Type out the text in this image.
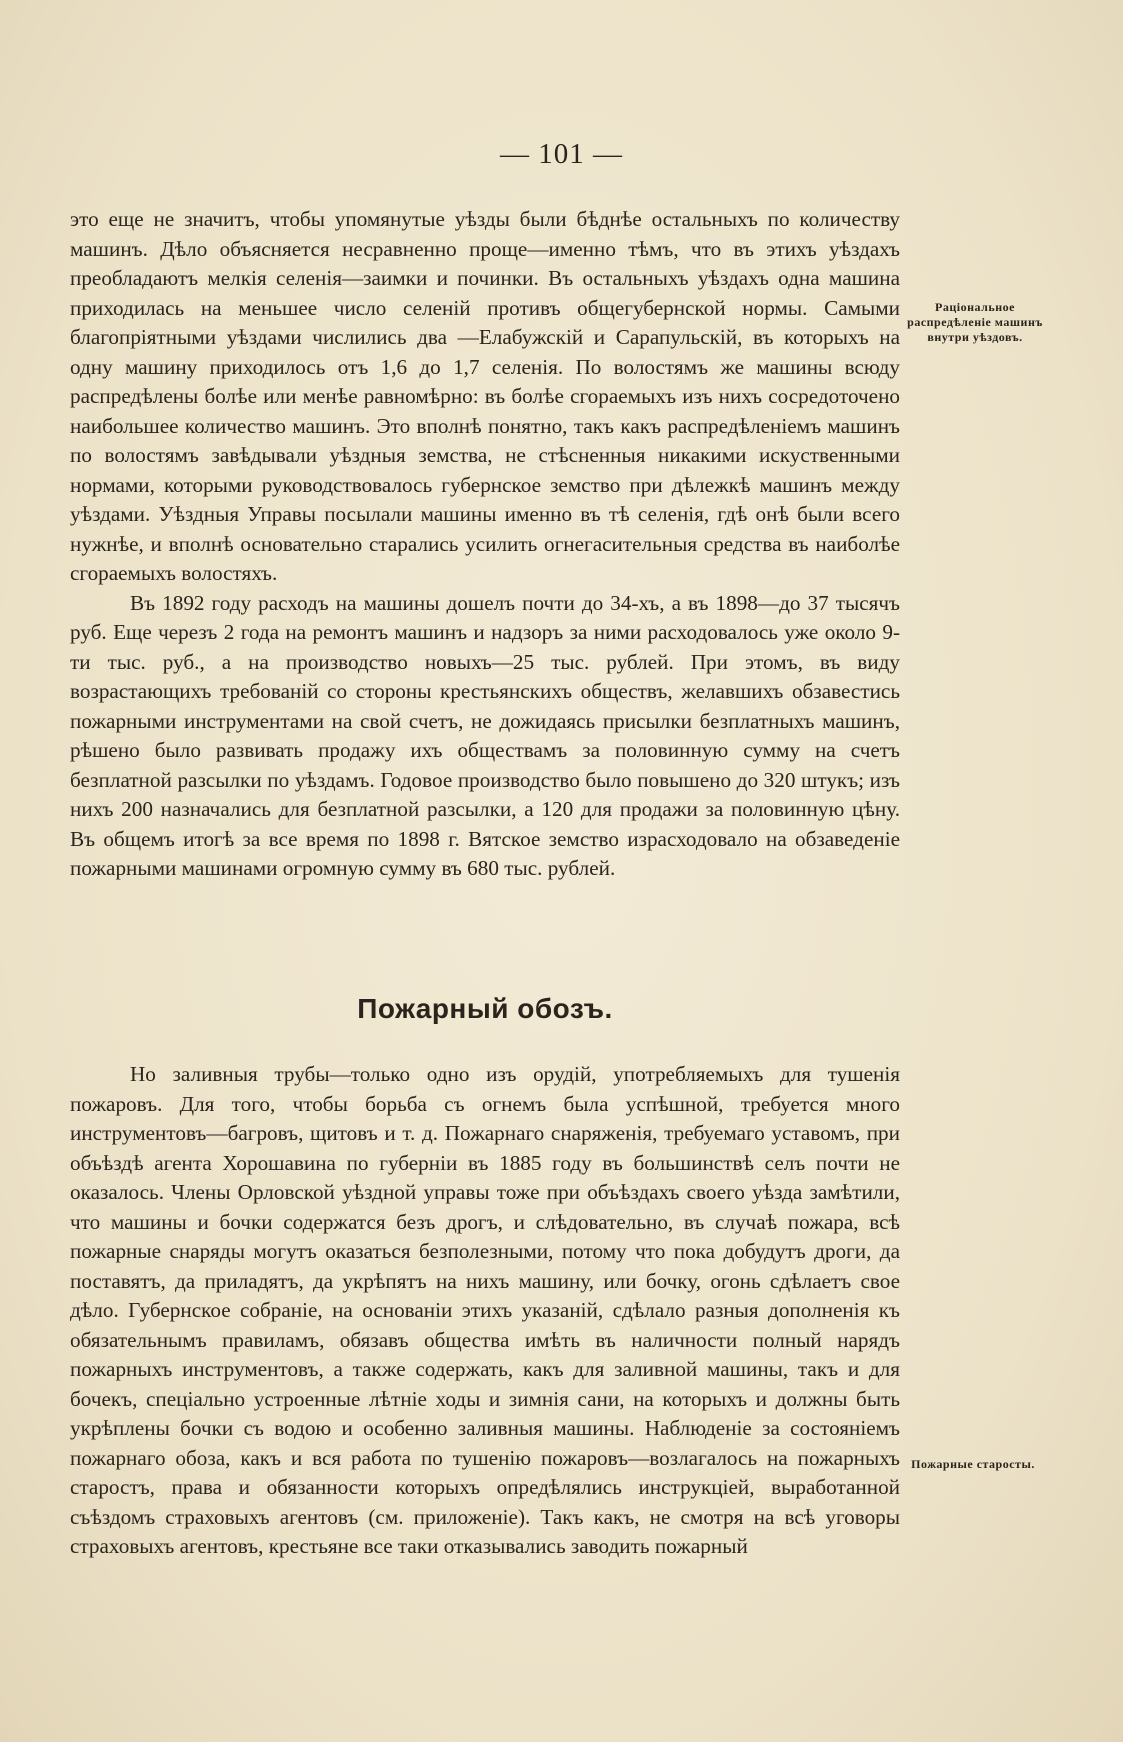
— 101 —

это еще не значитъ, чтобы упомянутые уѣзды были бѣднѣе остальныхъ по количеству машинъ. Дѣло объясняется несравненно проще—именно тѣмъ, что въ этихъ уѣздахъ преобладаютъ мелкія селенія—заимки и починки. Въ остальныхъ уѣздахъ одна машина приходилась на меньшее число селеній противъ общегубернской нормы. Самыми благопріятными уѣздами числились два —Елабужскій и Сарапульскій, въ которыхъ на одну машину приходилось отъ 1,6 до 1,7 селенія. По волостямъ же машины всюду распредѣлены болѣе или менѣе равномѣрно: въ болѣе сгораемыхъ изъ нихъ сосредоточено наибольшее количество машинъ. Это вполнѣ понятно, такъ какъ распредѣленіемъ машинъ по волостямъ завѣдывали уѣздныя земства, не стѣсненныя никакими искуственными нормами, которыми руководствовалось губернское земство при дѣлежкѣ машинъ между уѣздами. Уѣздныя Управы посылали машины именно въ тѣ селенія, гдѣ онѣ были всего нужнѣе, и вполнѣ основательно старались усилить огнегасительныя средства въ наиболѣе сгораемыхъ волостяхъ.

Въ 1892 году расходъ на машины дошелъ почти до 34-хъ, а въ 1898—до 37 тысячъ руб. Еще черезъ 2 года на ремонтъ машинъ и надзоръ за ними расходовалось уже около 9-ти тыс. руб., а на производство новыхъ—25 тыс. рублей. При этомъ, въ виду возрастающихъ требованій со стороны крестьянскихъ обществъ, желавшихъ обзавестись пожарными инструментами на свой счетъ, не дожидаясь присылки безплатныхъ машинъ, рѣшено было развивать продажу ихъ обществамъ за половинную сумму на счетъ безплатной разсылки по уѣздамъ. Годовое производство было повышено до 320 штукъ; изъ нихъ 200 назначались для безплатной разсылки, а 120 для продажи за половинную цѣну. Въ общемъ итогѣ за все время по 1898 г. Вятское земство израсходовало на обзаведеніе пожарными машинами огромную сумму въ 680 тыс. рублей.

Раціональное распредѣленіе машинъ внутри уѣздовъ.
Пожарный обозъ.

Но заливныя трубы—только одно изъ орудій, употребляемыхъ для тушенія пожаровъ. Для того, чтобы борьба съ огнемъ была успѣшной, требуется много инструментовъ—багровъ, щитовъ и т. д. Пожарнаго снаряженія, требуемаго уставомъ, при объѣздѣ агента Хорошавина по губерніи въ 1885 году въ большинствѣ селъ почти не оказалось. Члены Орловской уѣздной управы тоже при объѣздахъ своего уѣзда замѣтили, что машины и бочки содержатся безъ дрогъ, и слѣдовательно, въ случаѣ пожара, всѣ пожарные снаряды могутъ оказаться безполезными, потому что пока добудутъ дроги, да поставятъ, да приладятъ, да укрѣпятъ на нихъ машину, или бочку, огонь сдѣлаетъ свое дѣло. Губернское собраніе, на основаніи этихъ указаній, сдѣлало разныя дополненія къ обязательнымъ правиламъ, обязавъ общества имѣть въ наличности полный нарядъ пожарныхъ инструментовъ, а также содержать, какъ для заливной машины, такъ и для бочекъ, спеціально устроенные лѣтніе ходы и зимнія сани, на которыхъ и должны быть укрѣплены бочки съ водою и особенно заливныя машины. Наблюденіе за состояніемъ пожарнаго обоза, какъ и вся работа по тушенію пожаровъ—возлагалось на пожарныхъ старостъ, права и обязанности которыхъ опредѣлялись инструкціей, выработанной съѣздомъ страховыхъ агентовъ (см. приложеніе). Такъ какъ, не смотря на всѣ уговоры страховыхъ агентовъ, крестьяне все таки отказывались заводить пожарный

Пожарные старосты.
